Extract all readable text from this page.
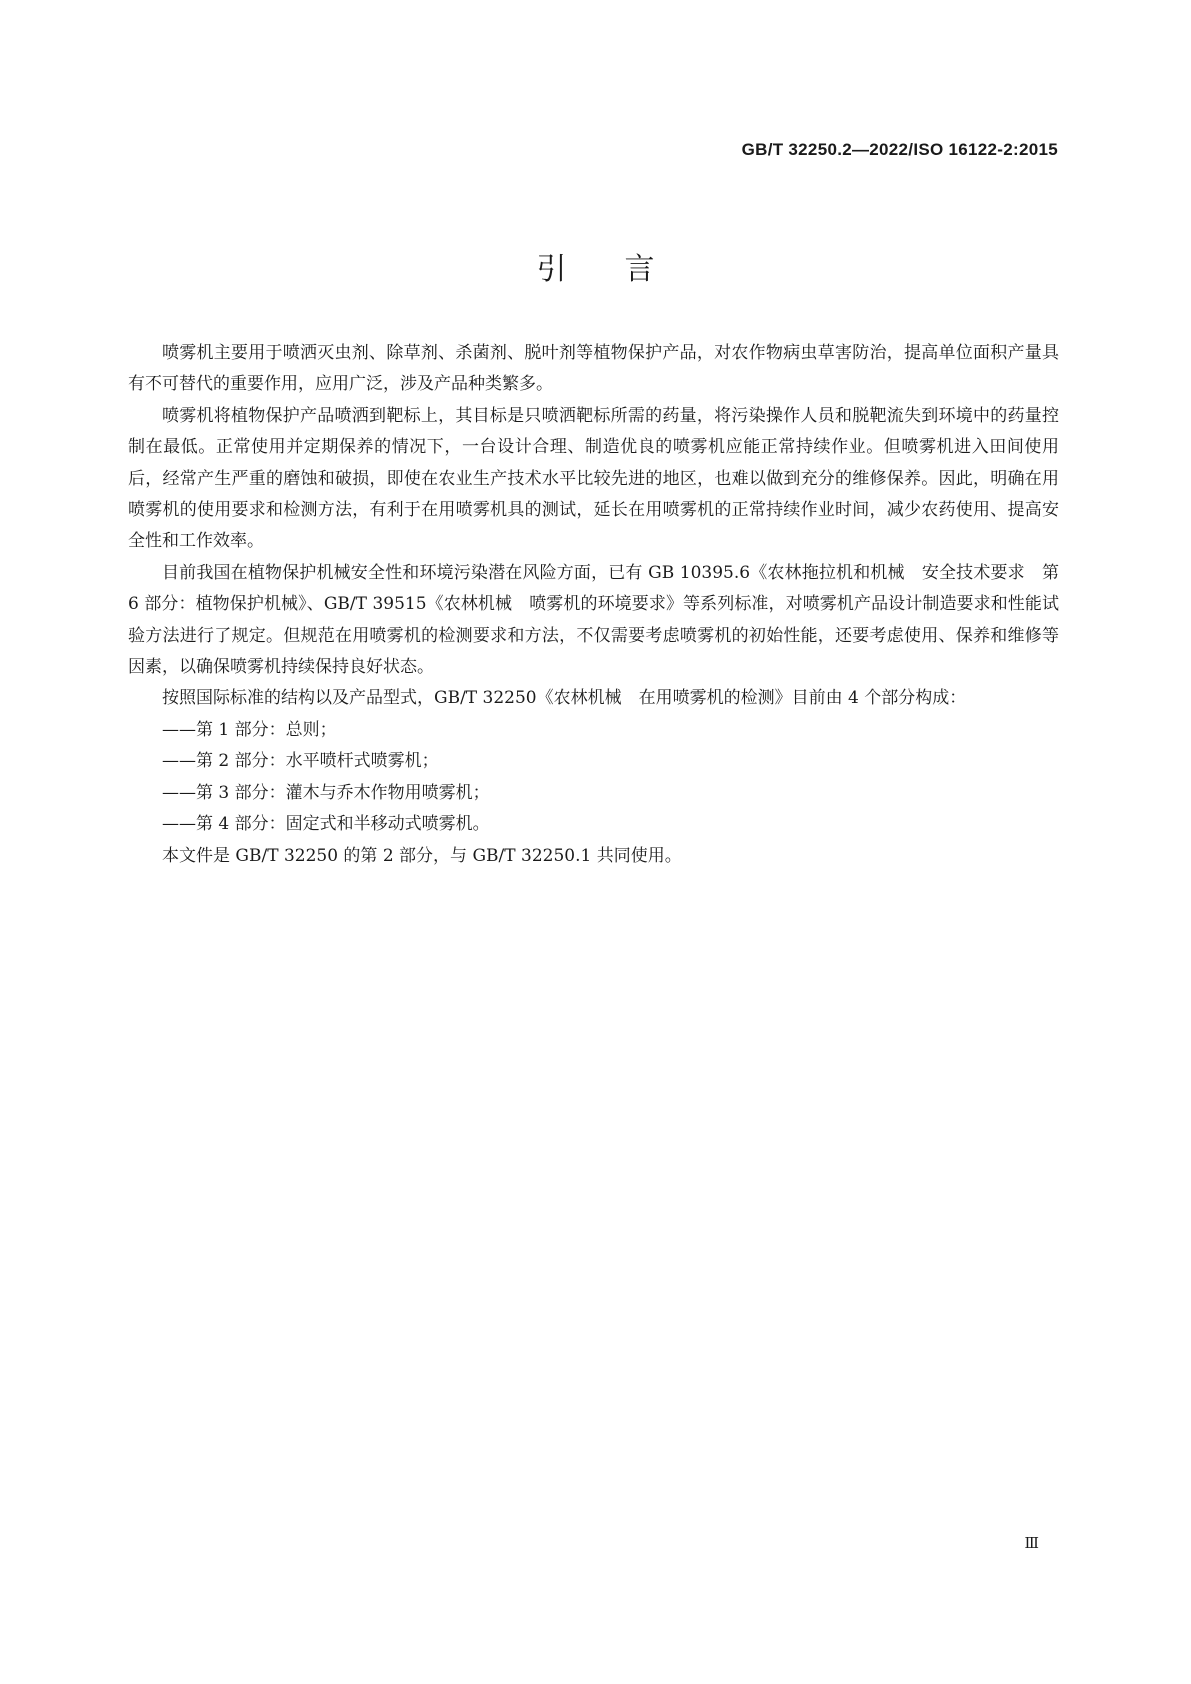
GB/T 32250.2—2022/ISO 16122-2:2015
引言

喷雾机主要用于喷洒灭虫剂、除草剂、杀菌剂、脱叶剂等植物保护产品，对农作物病虫草害防治，提高单位面积产量具有不可替代的重要作用，应用广泛，涉及产品种类繁多。

喷雾机将植物保护产品喷洒到靶标上，其目标是只喷洒靶标所需的药量，将污染操作人员和脱靶流失到环境中的药量控制在最低。正常使用并定期保养的情况下，一台设计合理、制造优良的喷雾机应能正常持续作业。但喷雾机进入田间使用后，经常产生严重的磨蚀和破损，即使在农业生产技术水平比较先进的地区，也难以做到充分的维修保养。因此，明确在用喷雾机的使用要求和检测方法，有利于在用喷雾机具的测试，延长在用喷雾机的正常持续作业时间，减少农药使用、提高安全性和工作效率。

目前我国在植物保护机械安全性和环境污染潜在风险方面，已有 GB 10395.6《农林拖拉机和机械　安全技术要求　第 6 部分：植物保护机械》、GB/T 39515《农林机械　喷雾机的环境要求》等系列标准，对喷雾机产品设计制造要求和性能试验方法进行了规定。但规范在用喷雾机的检测要求和方法，不仅需要考虑喷雾机的初始性能，还要考虑使用、保养和维修等因素，以确保喷雾机持续保持良好状态。

按照国际标准的结构以及产品型式，GB/T 32250《农林机械　在用喷雾机的检测》目前由 4 个部分构成：

——第 1 部分：总则；

——第 2 部分：水平喷杆式喷雾机；

——第 3 部分：灌木与乔木作物用喷雾机；

——第 4 部分：固定式和半移动式喷雾机。

本文件是 GB/T 32250 的第 2 部分，与 GB/T 32250.1 共同使用。

Ⅲ
